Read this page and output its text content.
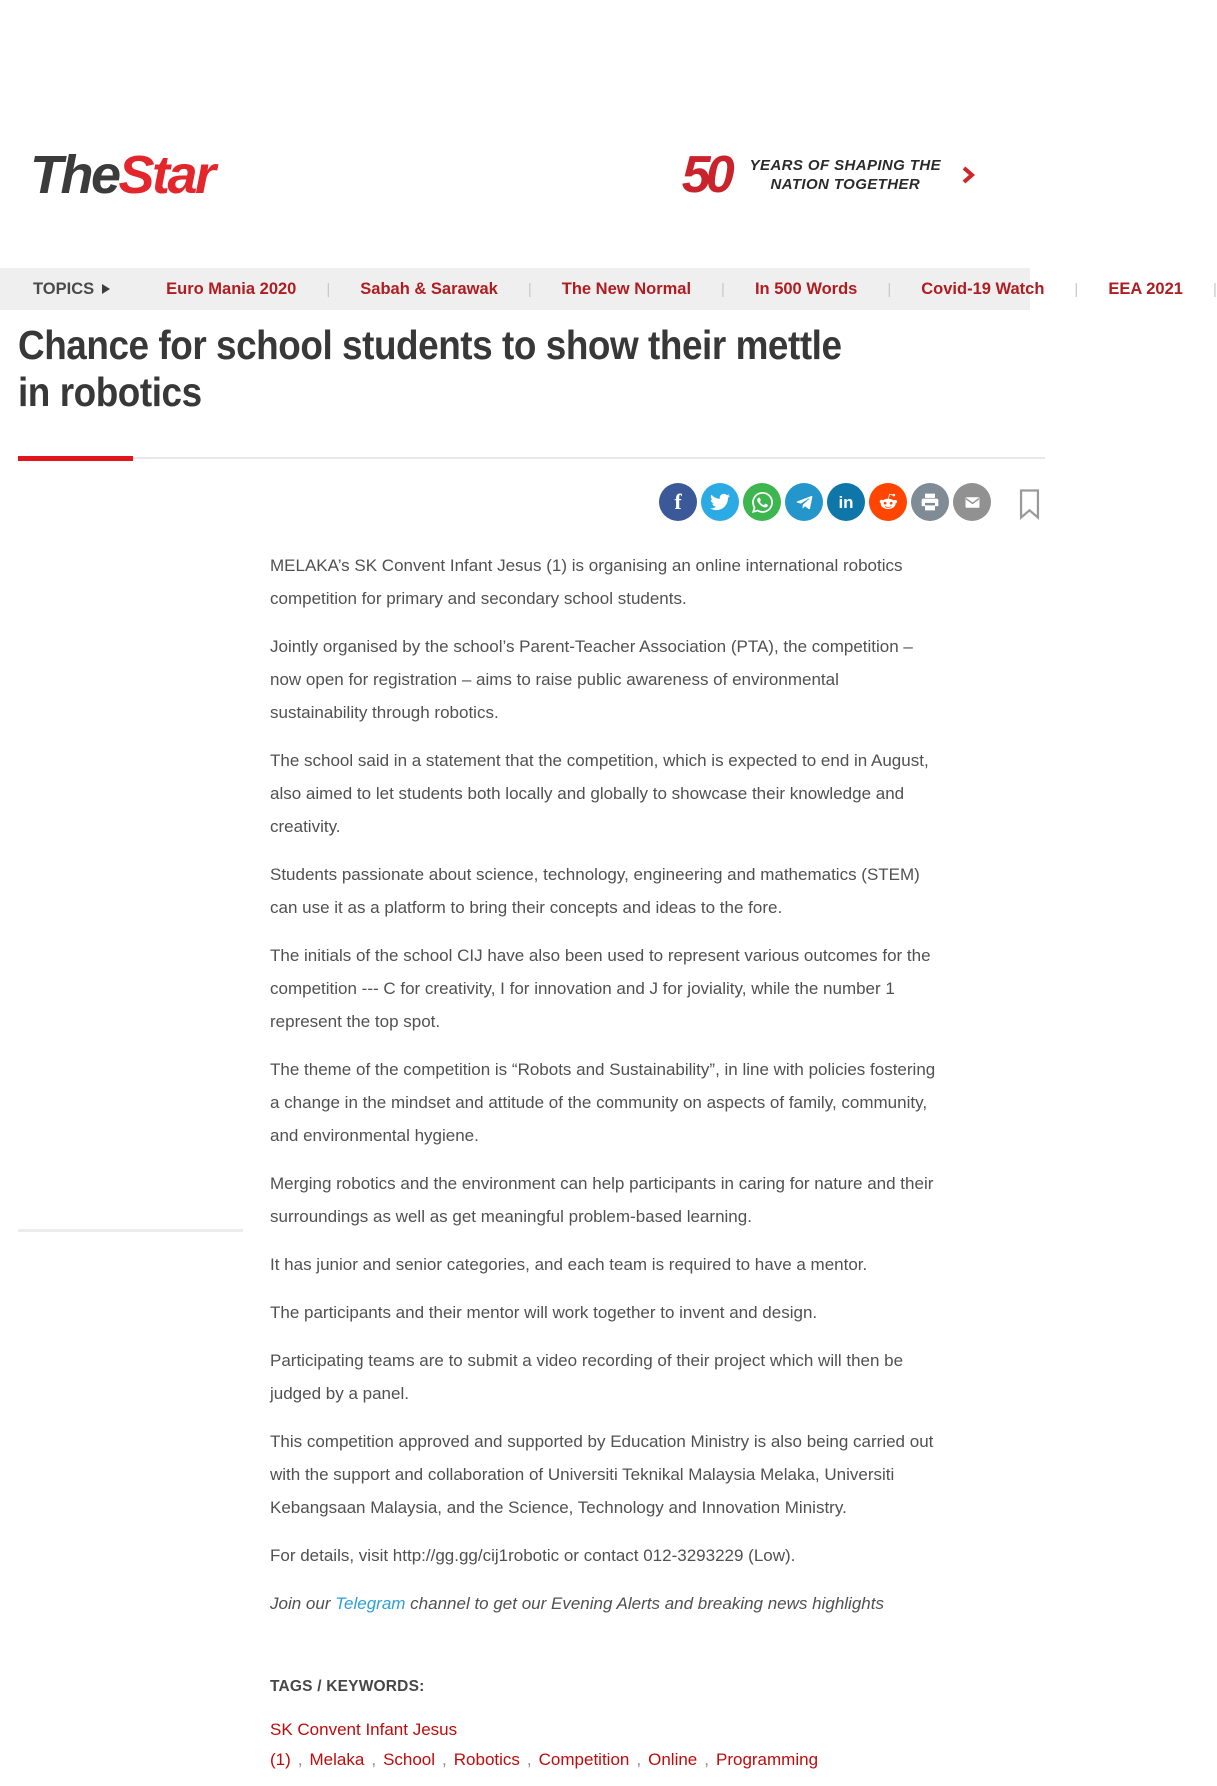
TheStar	50	YEARS OF SHAPING THE
NATION TOGETHER
TOPICS	Euro Mania 2020 | Sabah & Sarawak | The New Normal | In 500 Words | Covid-19 Watch | EEA 2021 |
Chance for school students to show their mettle
in robotics
f	in

MELAKA’s SK Convent Infant Jesus (1) is organising an online international robotics competition for primary and secondary school students.

Jointly organised by the school’s Parent-Teacher Association (PTA), the competition – now open for registration – aims to raise public awareness of environmental sustainability through robotics.

The school said in a statement that the competition, which is expected to end in August, also aimed to let students both locally and globally to showcase their knowledge and creativity.

Students passionate about science, technology, engineering and mathematics (STEM) can use it as a platform to bring their concepts and ideas to the fore.

The initials of the school CIJ have also been used to represent various outcomes for the competition --- C for creativity, I for innovation and J for joviality, while the number 1 represent the top spot.

The theme of the competition is “Robots and Sustainability”, in line with policies fostering a change in the mindset and attitude of the community on aspects of family, community, and environmental hygiene.

Merging robotics and the environment can help participants in caring for nature and their surroundings as well as get meaningful problem-based learning.

It has junior and senior categories, and each team is required to have a mentor.

The participants and their mentor will work together to invent and design.

Participating teams are to submit a video recording of their project which will then be judged by a panel.

This competition approved and supported by Education Ministry is also being carried out with the support and collaboration of Universiti Teknikal Malaysia Melaka, Universiti Kebangsaan Malaysia, and the Science, Technology and Innovation Ministry.

For details, visit http://gg.gg/cij1robotic or contact 012-3293229 (Low).

Join our Telegram channel to get our Evening Alerts and breaking news highlights

TAGS / KEYWORDS:
SK Convent Infant Jesus (1) , Melaka , School , Robotics , Competition , Online , Programming
